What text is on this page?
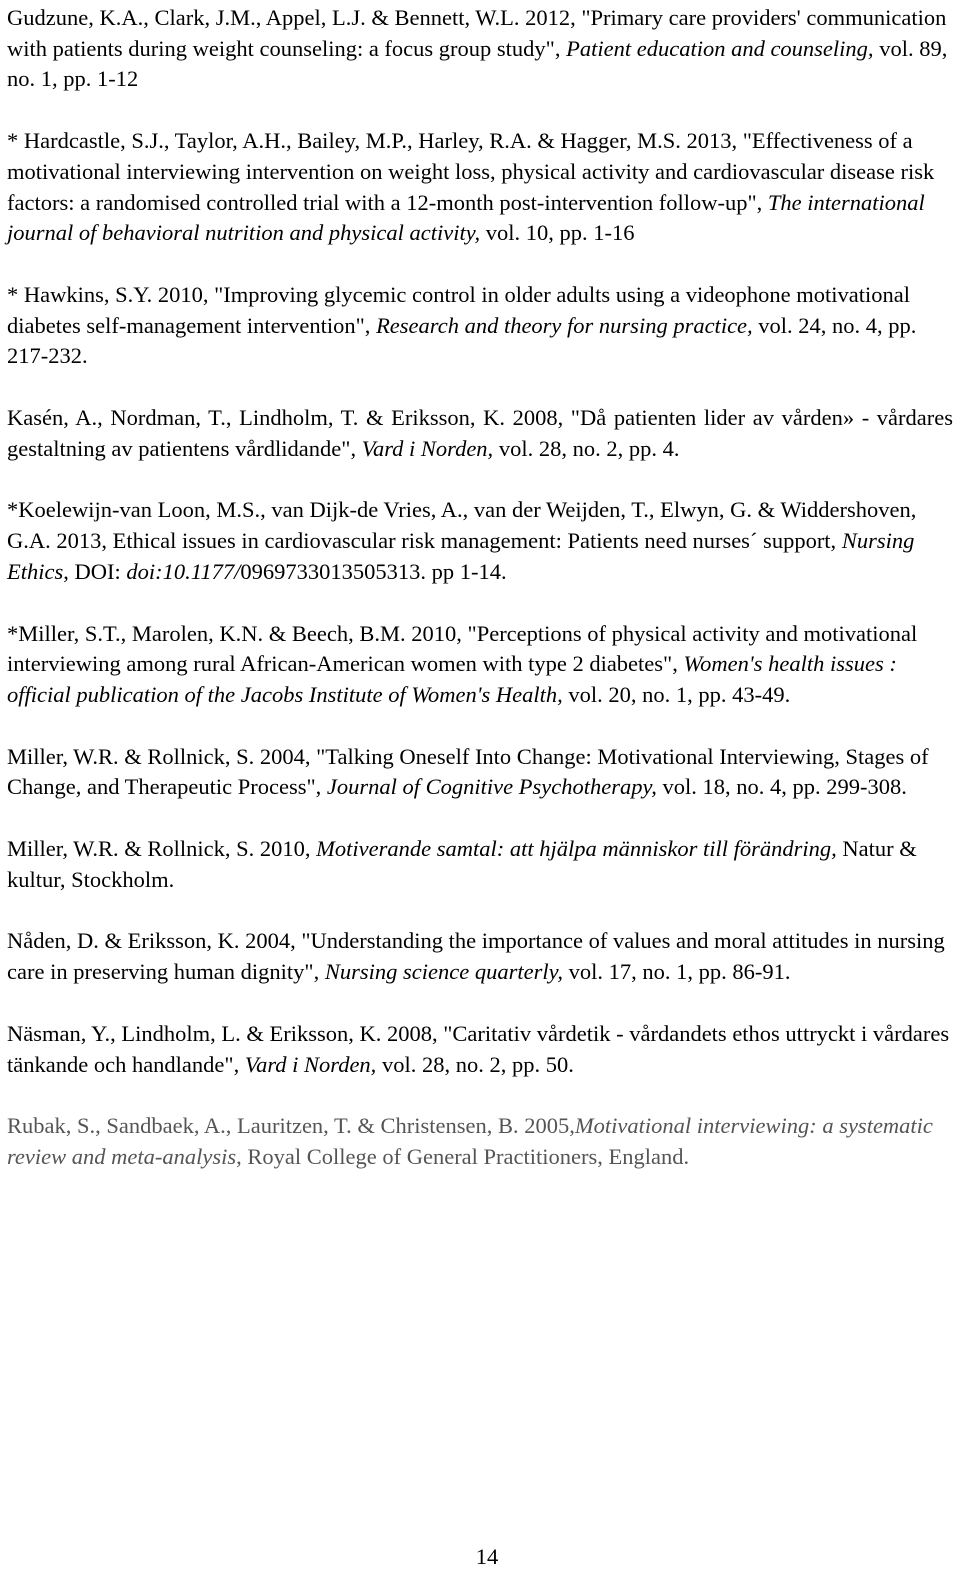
Gudzune, K.A., Clark, J.M., Appel, L.J. & Bennett, W.L. 2012, "Primary care providers' communication with patients during weight counseling: a focus group study", Patient education and counseling, vol. 89, no. 1, pp. 1-12

* Hardcastle, S.J., Taylor, A.H., Bailey, M.P., Harley, R.A. & Hagger, M.S. 2013, "Effectiveness of a motivational interviewing intervention on weight loss, physical activity and cardiovascular disease risk factors: a randomised controlled trial with a 12-month post-intervention follow-up", The international journal of behavioral nutrition and physical activity, vol. 10, pp. 1-16

* Hawkins, S.Y. 2010, "Improving glycemic control in older adults using a videophone motivational diabetes self-management intervention", Research and theory for nursing practice, vol. 24, no. 4, pp. 217-232.

Kasén, A., Nordman, T., Lindholm, T. & Eriksson, K. 2008, "Då patienten lider av vården» - vårdares gestaltning av patientens vårdlidande", Vard i Norden, vol. 28, no. 2, pp. 4.

*Koelewijn-van Loon, M.S., van Dijk-de Vries, A., van der Weijden, T., Elwyn, G. & Widdershoven, G.A. 2013, Ethical issues in cardiovascular risk management: Patients need nurses´ support, Nursing Ethics, DOI: doi:10.1177/0969733013505313. pp 1-14.

*Miller, S.T., Marolen, K.N. & Beech, B.M. 2010, "Perceptions of physical activity and motivational interviewing among rural African-American women with type 2 diabetes", Women's health issues : official publication of the Jacobs Institute of Women's Health, vol. 20, no. 1, pp. 43-49.

Miller, W.R. & Rollnick, S. 2004, "Talking Oneself Into Change: Motivational Interviewing, Stages of Change, and Therapeutic Process", Journal of Cognitive Psychotherapy, vol. 18, no. 4, pp. 299-308.

Miller, W.R. & Rollnick, S. 2010, Motiverande samtal: att hjälpa människor till förändring, Natur & kultur, Stockholm.

Nåden, D. & Eriksson, K. 2004, "Understanding the importance of values and moral attitudes in nursing care in preserving human dignity", Nursing science quarterly, vol. 17, no. 1, pp. 86-91.

Näsman, Y., Lindholm, L. & Eriksson, K. 2008, "Caritativ vårdetik - vårdandets ethos uttryckt i vårdares tänkande och handlande", Vard i Norden, vol. 28, no. 2, pp. 50.

Rubak, S., Sandbaek, A., Lauritzen, T. & Christensen, B. 2005,Motivational interviewing: a systematic review and meta-analysis, Royal College of General Practitioners, England.

14
